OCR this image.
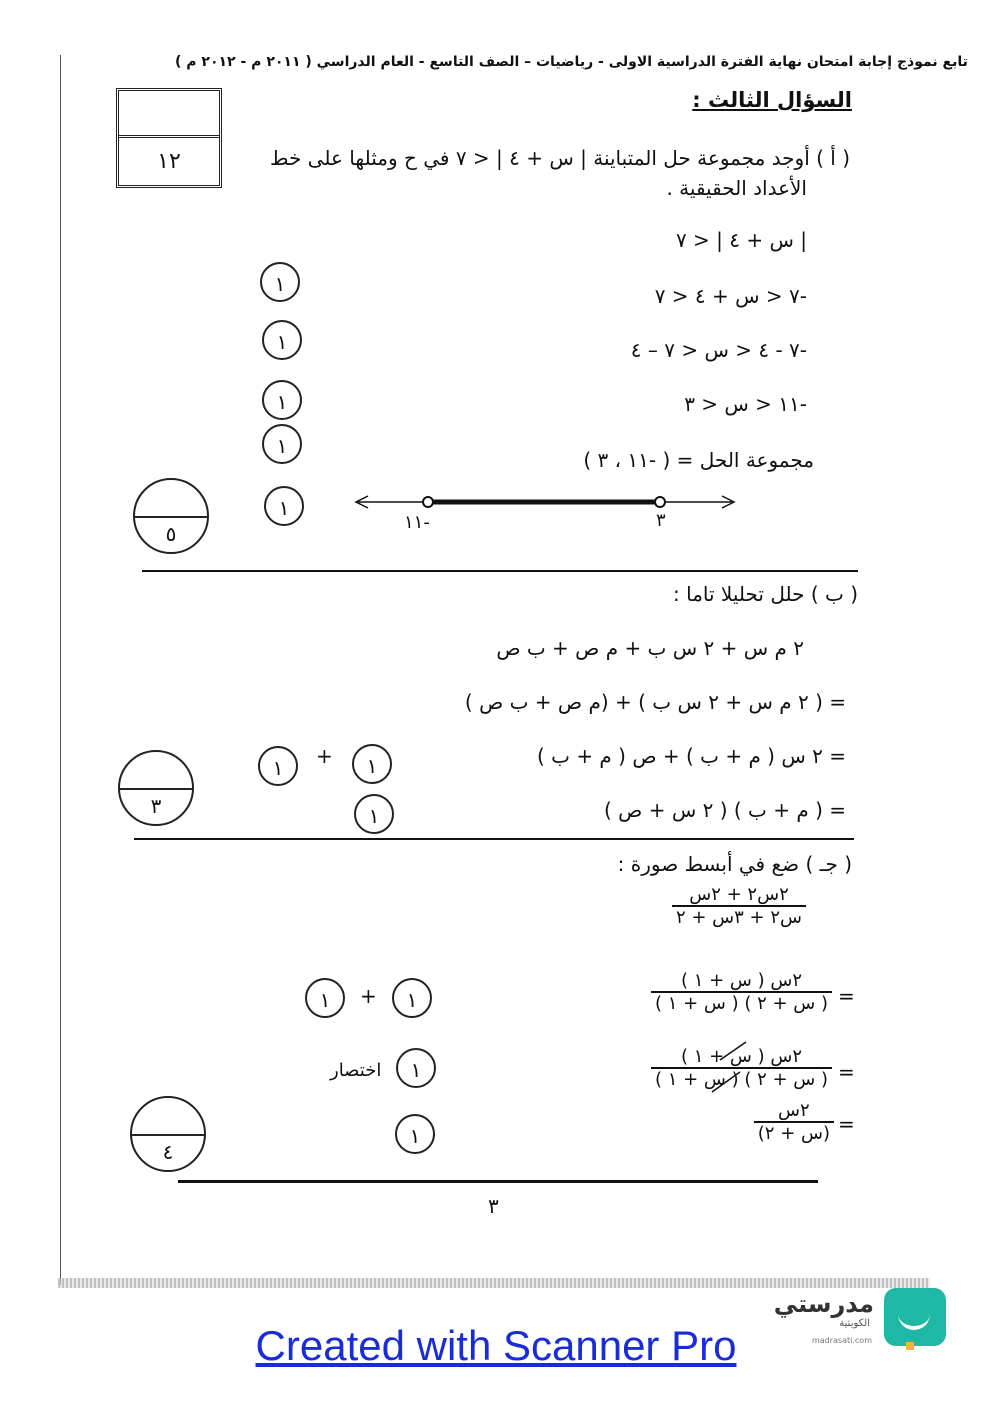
تابع نموذج إجابة امتحان نهاية الفترة الدراسية الاولى - رياضيات – الصف التاسع - العام الدراسي ( ٢٠١١ م - ٢٠١٢ م )
١٢
السؤال الثالث :
( أ ) أوجد مجموعة حل المتباينة | س + ٤ | < ٧ في ح ومثلها على خط
الأعداد الحقيقية .
| س + ٤ | < ٧
-٧ < س + ٤ < ٧
-٧ - ٤ < س < ٧ – ٤
-١١ < س < ٣
مجموعة الحل = ( -١١ ، ٣ )
١
١
١
١
١
-١١	٣
٥
( ب ) حلل تحليلا تاما :
٢ م س + ٢ س ب + م ص + ب ص
= ( ٢ م س + ٢ س ب ) + (م ص + ب ص )
= ٢ س ( م + ب ) + ص ( م + ب )
= ( م + ب ) ( ٢ س + ص )
١	+	١
١
٣
( جـ ) ضع في أبسط صورة :
٢س٢ + ٢س
س٢ + ٣س + ٢
=
٢س ( س + ١ )
( س + ٢ ) ( س + ١ )
=
٢س ( س + ١ )
( س + ٢ ) ( س + ١ )
=
٢س
(س + ٢)
١	+	١
اختصار	١
١
٤
٣
مدرستي
الكويتية
madrasati.com
Created with Scanner Pro
